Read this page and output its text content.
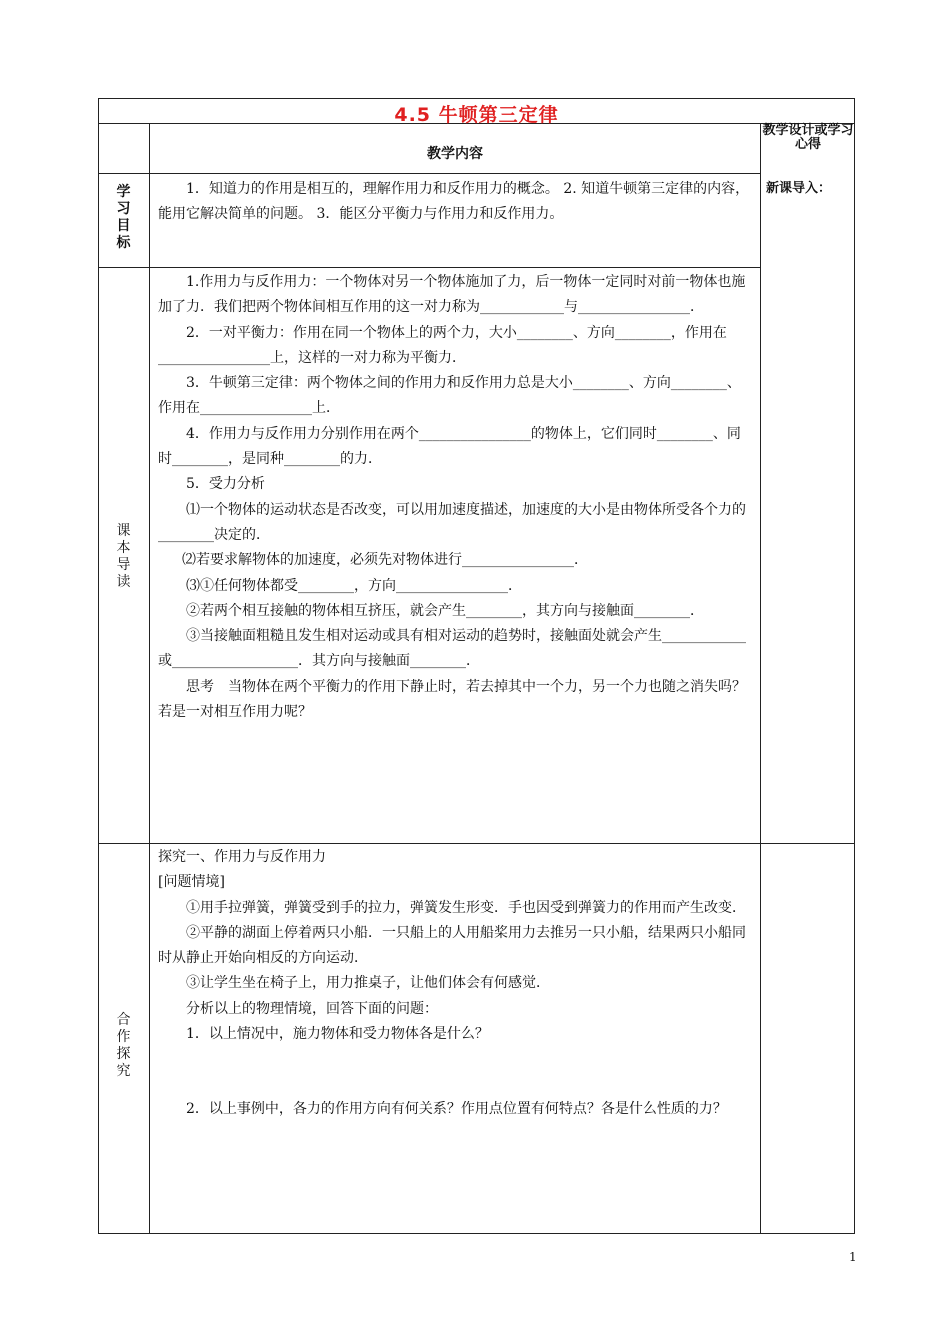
4.5 牛顿第三定律
教学内容
教学设计或学习心得
新课导入：
学
习
目
标
1．知道力的作用是相互的，理解作用力和反作用力的概念。 2. 知道牛顿第三定律的内容，能用它解决简单的问题。 3．能区分平衡力与作用力和反作用力。
课
本
导
读

1.作用力与反作用力：一个物体对另一个物体施加了力，后一物体一定同时对前一物体也施加了力．我们把两个物体间相互作用的这一对力称为____________与________________．

2．一对平衡力：作用在同一个物体上的两个力，大小________、方向________，作用在________________上，这样的一对力称为平衡力．

3．牛顿第三定律：两个物体之间的作用力和反作用力总是大小________、方向________、作用在________________上．

4．作用力与反作用力分别作用在两个________________的物体上，它们同时________、同时________，是同种________的力．

5．受力分析

⑴一个物体的运动状态是否改变，可以用加速度描述，加速度的大小是由物体所受各个力的________决定的．

⑵若要求解物体的加速度，必须先对物体进行________________．

⑶①任何物体都受________，方向________________．

②若两个相互接触的物体相互挤压，就会产生________，其方向与接触面________．

③当接触面粗糙且发生相对运动或具有相对运动的趋势时，接触面处就会产生____________或__________________．其方向与接触面________．

思考　当物体在两个平衡力的作用下静止时，若去掉其中一个力，另一个力也随之消失吗？若是一对相互作用力呢？

合
作
探
究

探究一、作用力与反作用力

[问题情境]

①用手拉弹簧，弹簧受到手的拉力，弹簧发生形变．手也因受到弹簧力的作用而产生改变．

②平静的湖面上停着两只小船．一只船上的人用船桨用力去推另一只小船，结果两只小船同时从静止开始向相反的方向运动．

③让学生坐在椅子上，用力推桌子，让他们体会有何感觉．

分析以上的物理情境，回答下面的问题：

1．以上情况中，施力物体和受力物体各是什么？

2．以上事例中，各力的作用方向有何关系？作用点位置有何特点？各是什么性质的力？

1
